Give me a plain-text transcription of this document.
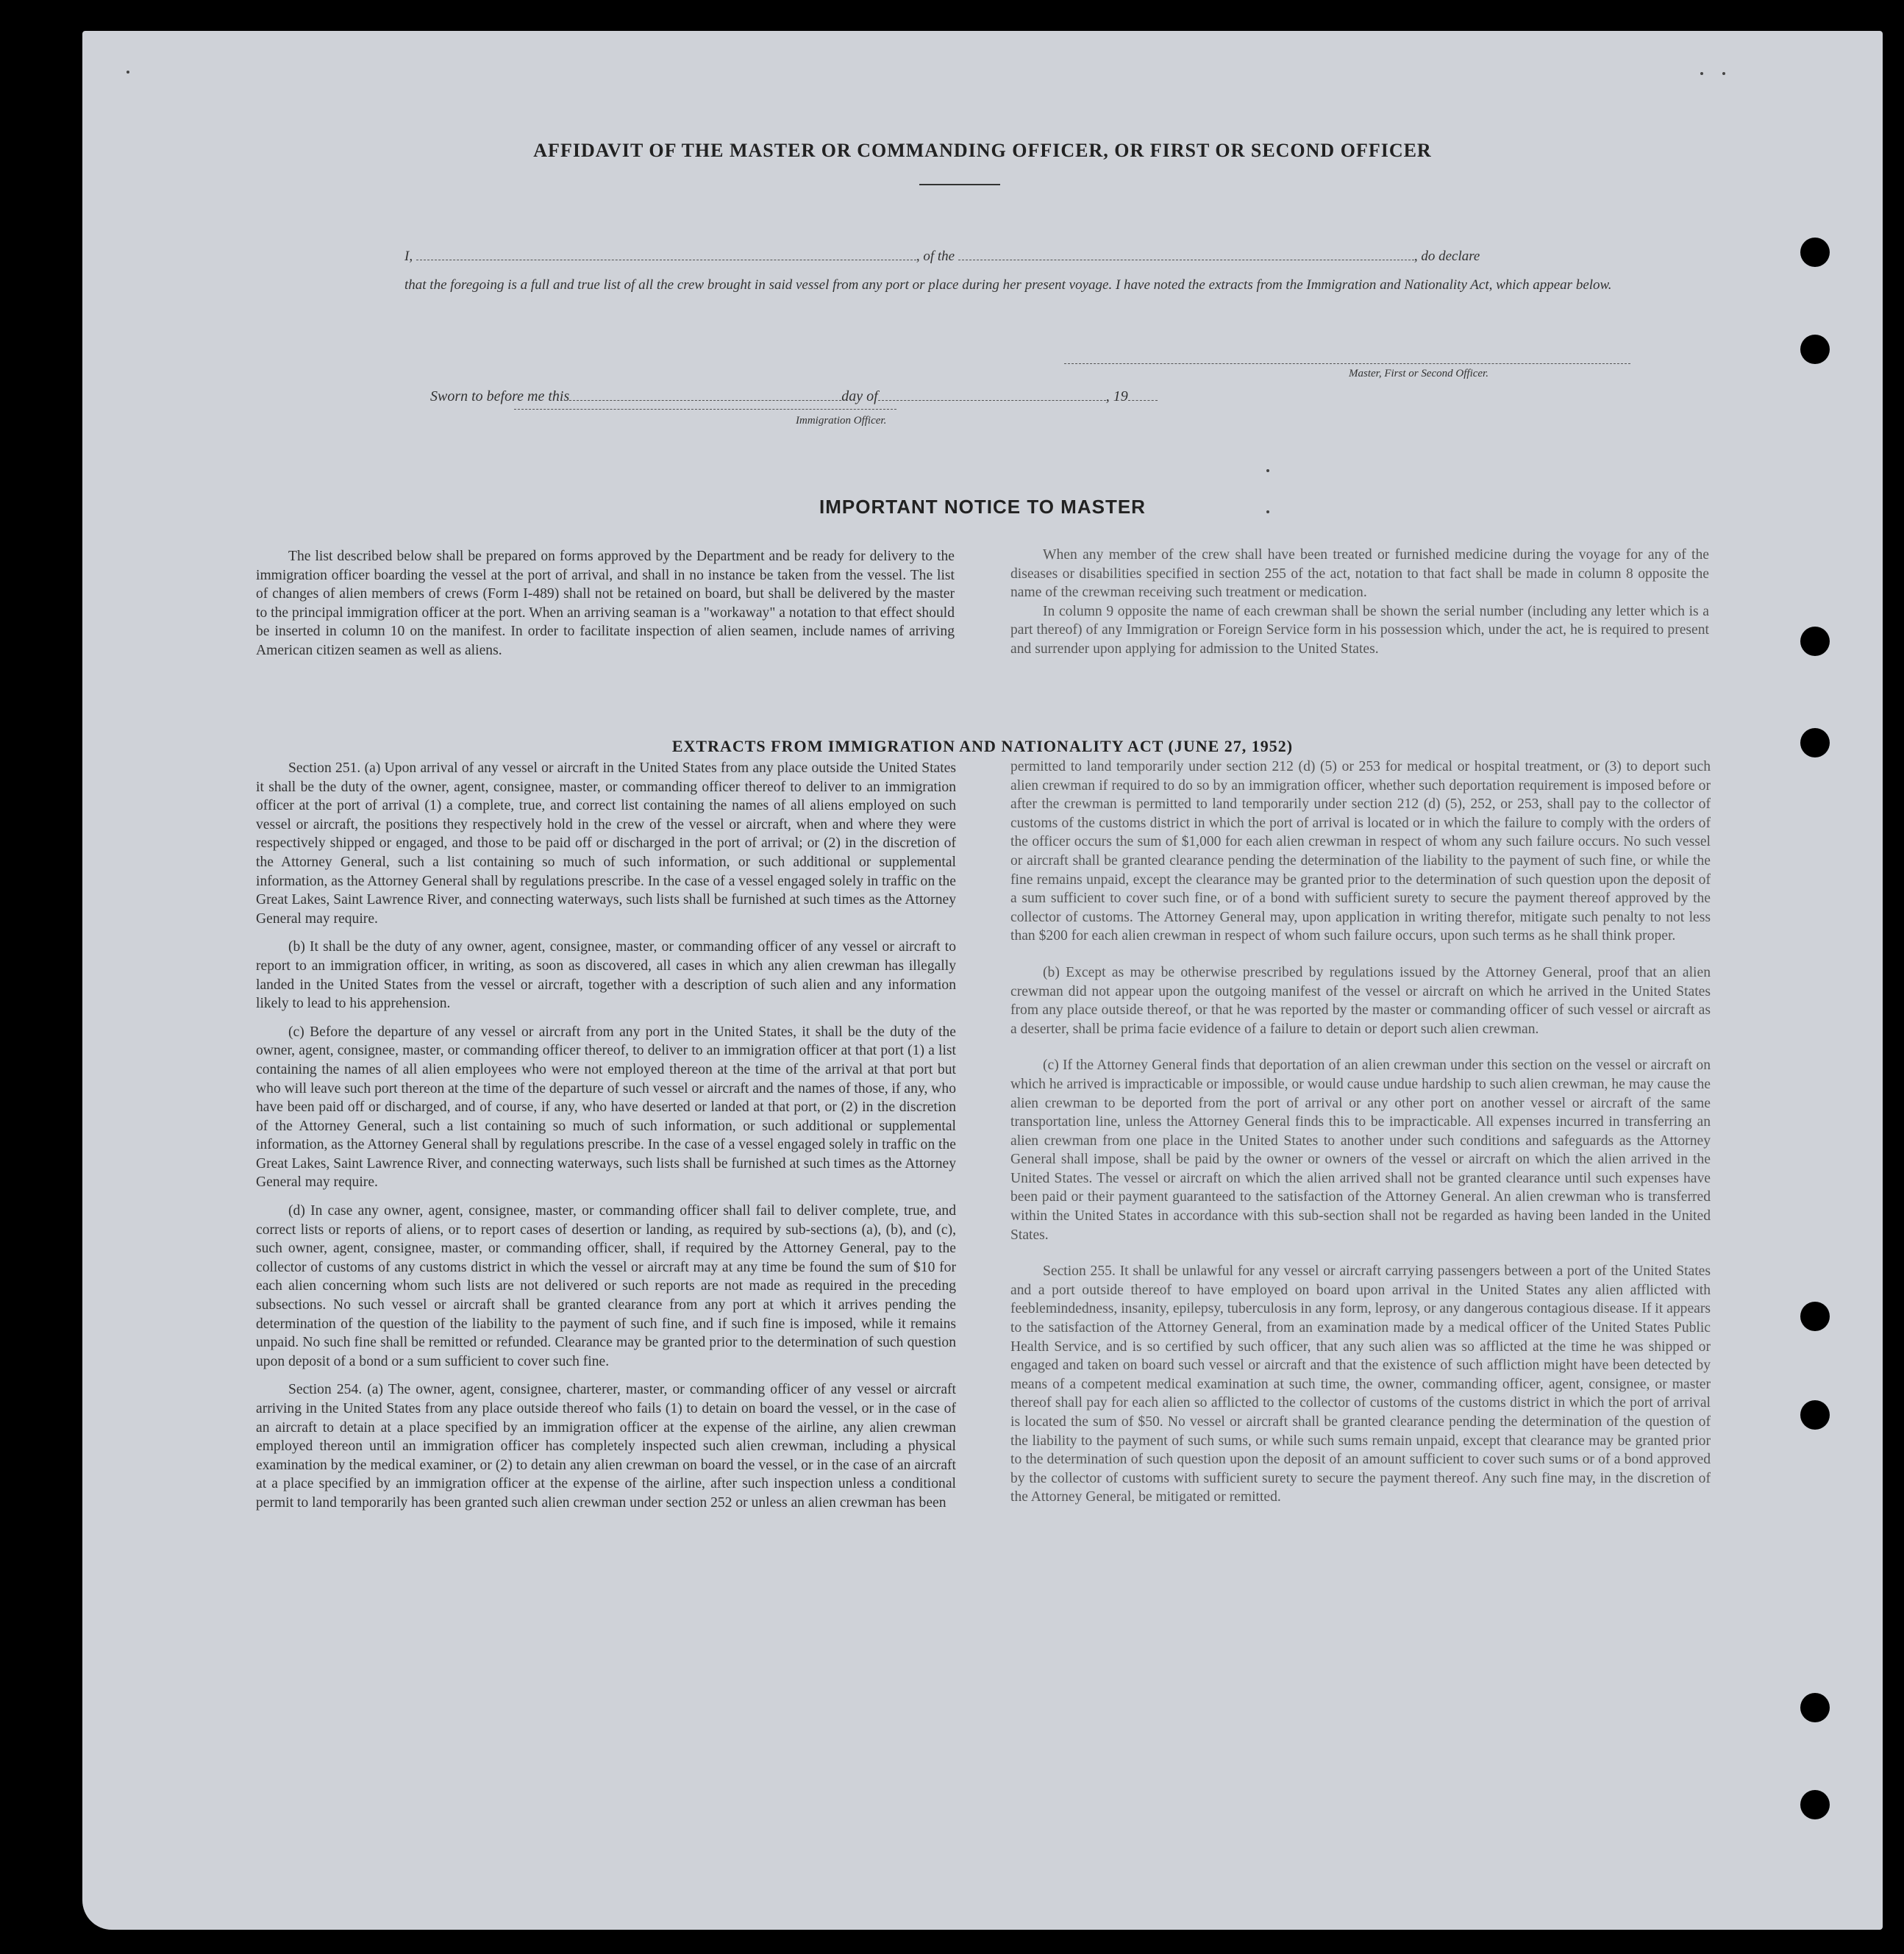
AFFIDAVIT OF THE MASTER OR COMMANDING OFFICER, OR FIRST OR SECOND OFFICER
I,	, of the	, do declare
that the foregoing is a full and true list of all the crew brought in said vessel from any port or place during her present voyage. I have noted the extracts from the Immigration and Nationality Act, which appear below.
Master, First or Second Officer.
Sworn to before me this	day of	, 19
Immigration Officer.
IMPORTANT NOTICE TO MASTER

The list described below shall be prepared on forms approved by the Department and be ready for delivery to the immigration officer boarding the vessel at the port of arrival, and shall in no instance be taken from the vessel. The list of changes of alien members of crews (Form I-489) shall not be retained on board, but shall be delivered by the master to the principal immigration officer at the port. When an arriving seaman is a "workaway" a notation to that effect should be inserted in column 10 on the manifest. In order to facilitate inspection of alien seamen, include names of arriving American citizen seamen as well as aliens.

When any member of the crew shall have been treated or furnished medicine during the voyage for any of the diseases or disabilities specified in section 255 of the act, notation to that fact shall be made in column 8 opposite the name of the crewman receiving such treatment or medication.

In column 9 opposite the name of each crewman shall be shown the serial number (including any letter which is a part thereof) of any Immigration or Foreign Service form in his possession which, under the act, he is required to present and surrender upon applying for admission to the United States.

EXTRACTS FROM IMMIGRATION AND NATIONALITY ACT (JUNE 27, 1952)

Section 251. (a) Upon arrival of any vessel or aircraft in the United States from any place outside the United States it shall be the duty of the owner, agent, consignee, master, or commanding officer thereof to deliver to an immigration officer at the port of arrival (1) a complete, true, and correct list containing the names of all aliens employed on such vessel or aircraft, the positions they respectively hold in the crew of the vessel or aircraft, when and where they were respectively shipped or engaged, and those to be paid off or discharged in the port of arrival; or (2) in the discretion of the Attorney General, such a list containing so much of such information, or such additional or supplemental information, as the Attorney General shall by regulations prescribe. In the case of a vessel engaged solely in traffic on the Great Lakes, Saint Lawrence River, and connecting waterways, such lists shall be furnished at such times as the Attorney General may require.

(b) It shall be the duty of any owner, agent, consignee, master, or commanding officer of any vessel or aircraft to report to an immigration officer, in writing, as soon as discovered, all cases in which any alien crewman has illegally landed in the United States from the vessel or aircraft, together with a description of such alien and any information likely to lead to his apprehension.

(c) Before the departure of any vessel or aircraft from any port in the United States, it shall be the duty of the owner, agent, consignee, master, or commanding officer thereof, to deliver to an immigration officer at that port (1) a list containing the names of all alien employees who were not employed thereon at the time of the arrival at that port but who will leave such port thereon at the time of the departure of such vessel or aircraft and the names of those, if any, who have been paid off or discharged, and of course, if any, who have deserted or landed at that port, or (2) in the discretion of the Attorney General, such a list containing so much of such information, or such additional or supplemental information, as the Attorney General shall by regulations prescribe. In the case of a vessel engaged solely in traffic on the Great Lakes, Saint Lawrence River, and connecting waterways, such lists shall be furnished at such times as the Attorney General may require.

(d) In case any owner, agent, consignee, master, or commanding officer shall fail to deliver complete, true, and correct lists or reports of aliens, or to report cases of desertion or landing, as required by sub-sections (a), (b), and (c), such owner, agent, consignee, master, or commanding officer, shall, if required by the Attorney General, pay to the collector of customs of any customs district in which the vessel or aircraft may at any time be found the sum of $10 for each alien concerning whom such lists are not delivered or such reports are not made as required in the preceding subsections. No such vessel or aircraft shall be granted clearance from any port at which it arrives pending the determination of the question of the liability to the payment of such fine, and if such fine is imposed, while it remains unpaid. No such fine shall be remitted or refunded. Clearance may be granted prior to the determination of such question upon deposit of a bond or a sum sufficient to cover such fine.

Section 254. (a) The owner, agent, consignee, charterer, master, or commanding officer of any vessel or aircraft arriving in the United States from any place outside thereof who fails (1) to detain on board the vessel, or in the case of an aircraft to detain at a place specified by an immigration officer at the expense of the airline, any alien crewman employed thereon until an immigration officer has completely inspected such alien crewman, including a physical examination by the medical examiner, or (2) to detain any alien crewman on board the vessel, or in the case of an aircraft at a place specified by an immigration officer at the expense of the airline, after such inspection unless a conditional permit to land temporarily has been granted such alien crewman under section 252 or unless an alien crewman has been

permitted to land temporarily under section 212 (d) (5) or 253 for medical or hospital treatment, or (3) to deport such alien crewman if required to do so by an immigration officer, whether such deportation requirement is imposed before or after the crewman is permitted to land temporarily under section 212 (d) (5), 252, or 253, shall pay to the collector of customs of the customs district in which the port of arrival is located or in which the failure to comply with the orders of the officer occurs the sum of $1,000 for each alien crewman in respect of whom any such failure occurs. No such vessel or aircraft shall be granted clearance pending the determination of the liability to the payment of such fine, or while the fine remains unpaid, except the clearance may be granted prior to the determination of such question upon the deposit of a sum sufficient to cover such fine, or of a bond with sufficient surety to secure the payment thereof approved by the collector of customs. The Attorney General may, upon application in writing therefor, mitigate such penalty to not less than $200 for each alien crewman in respect of whom such failure occurs, upon such terms as he shall think proper.

(b) Except as may be otherwise prescribed by regulations issued by the Attorney General, proof that an alien crewman did not appear upon the outgoing manifest of the vessel or aircraft on which he arrived in the United States from any place outside thereof, or that he was reported by the master or commanding officer of such vessel or aircraft as a deserter, shall be prima facie evidence of a failure to detain or deport such alien crewman.

(c) If the Attorney General finds that deportation of an alien crewman under this section on the vessel or aircraft on which he arrived is impracticable or impossible, or would cause undue hardship to such alien crewman, he may cause the alien crewman to be deported from the port of arrival or any other port on another vessel or aircraft of the same transportation line, unless the Attorney General finds this to be impracticable. All expenses incurred in transferring an alien crewman from one place in the United States to another under such conditions and safeguards as the Attorney General shall impose, shall be paid by the owner or owners of the vessel or aircraft on which the alien arrived in the United States. The vessel or aircraft on which the alien arrived shall not be granted clearance until such expenses have been paid or their payment guaranteed to the satisfaction of the Attorney General. An alien crewman who is transferred within the United States in accordance with this sub-section shall not be regarded as having been landed in the United States.

Section 255. It shall be unlawful for any vessel or aircraft carrying passengers between a port of the United States and a port outside thereof to have employed on board upon arrival in the United States any alien afflicted with feeblemindedness, insanity, epilepsy, tuberculosis in any form, leprosy, or any dangerous contagious disease. If it appears to the satisfaction of the Attorney General, from an examination made by a medical officer of the United States Public Health Service, and is so certified by such officer, that any such alien was so afflicted at the time he was shipped or engaged and taken on board such vessel or aircraft and that the existence of such affliction might have been detected by means of a competent medical examination at such time, the owner, commanding officer, agent, consignee, or master thereof shall pay for each alien so afflicted to the collector of customs of the customs district in which the port of arrival is located the sum of $50. No vessel or aircraft shall be granted clearance pending the determination of the question of the liability to the payment of such sums, or while such sums remain unpaid, except that clearance may be granted prior to the determination of such question upon the deposit of an amount sufficient to cover such sums or of a bond approved by the collector of customs with sufficient surety to secure the payment thereof. Any such fine may, in the discretion of the Attorney General, be mitigated or remitted.
